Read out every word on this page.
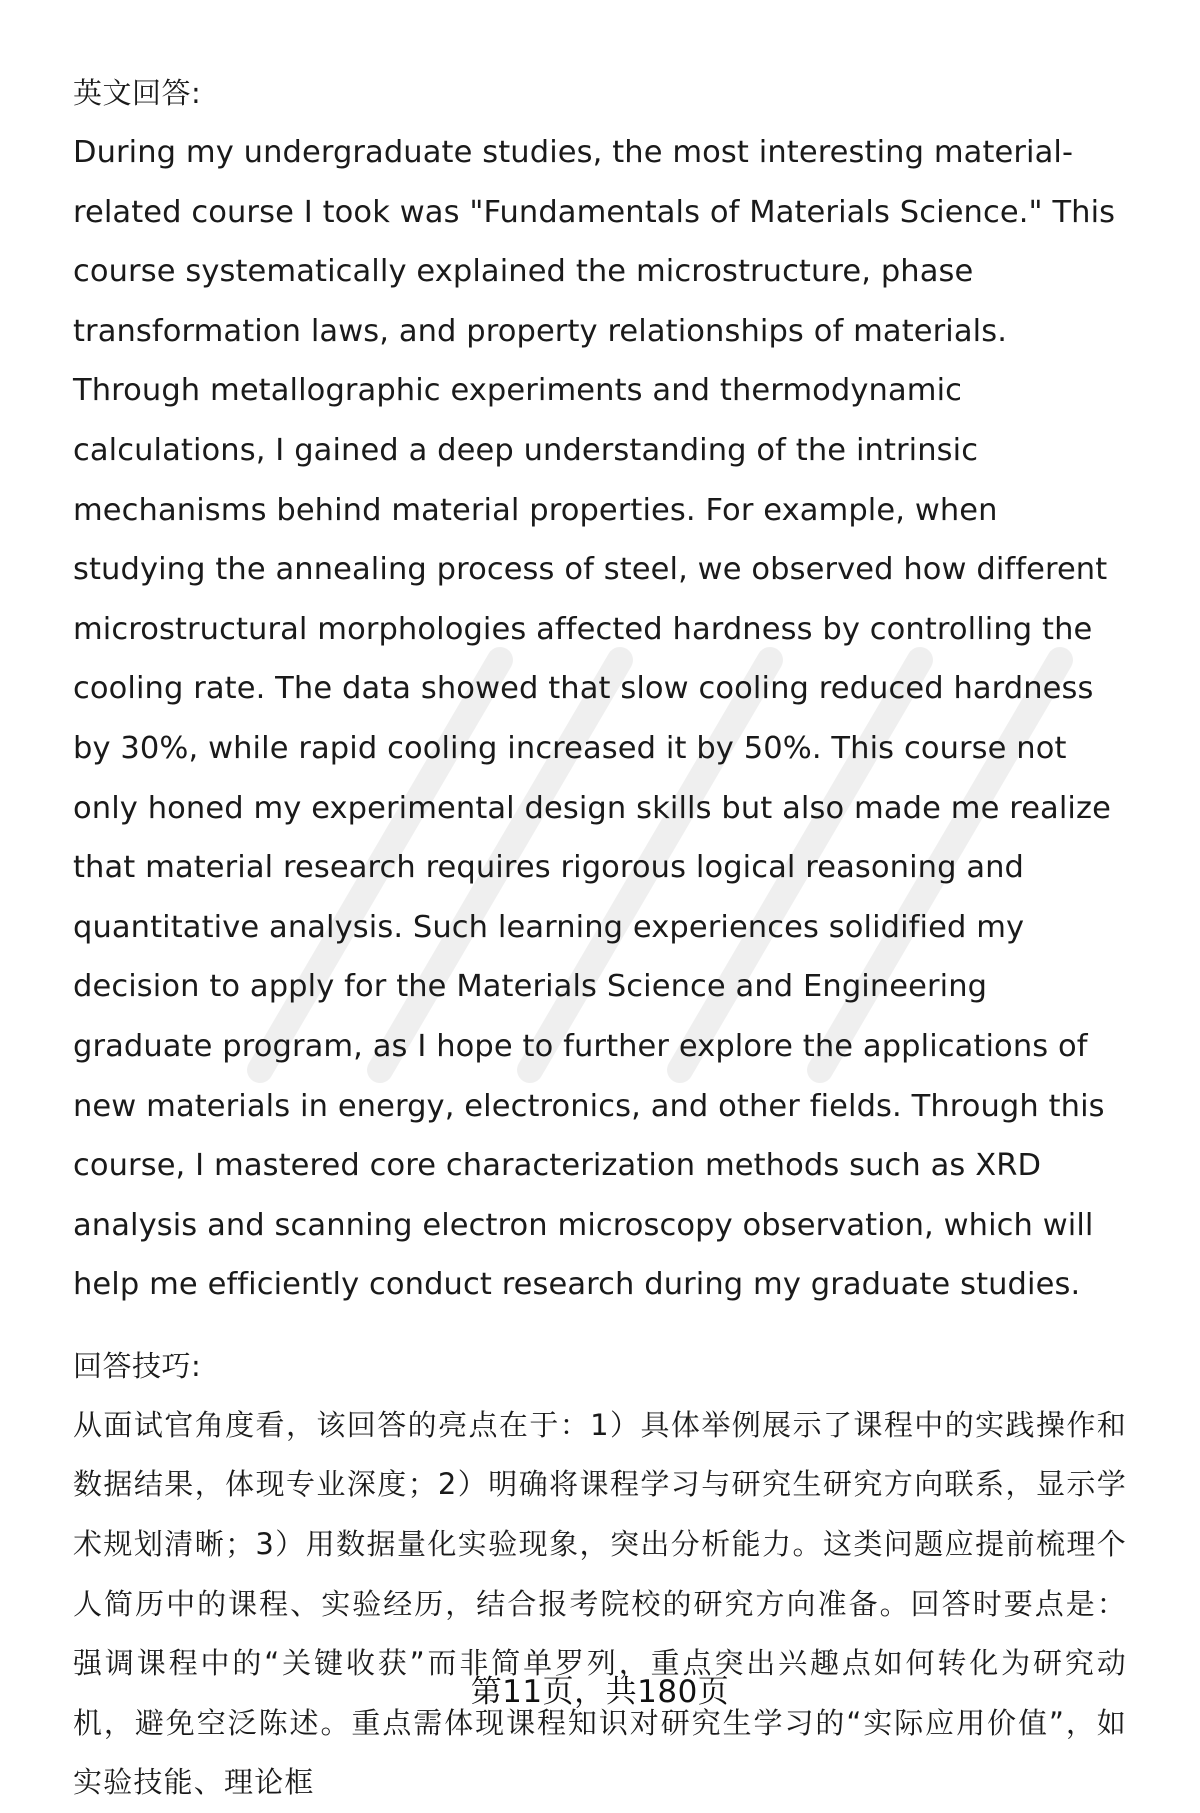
英文回答:

During my undergraduate studies, the most interesting material-related course I took was "Fundamentals of Materials Science." This course systematically explained the microstructure, phase transformation laws, and property relationships of materials. Through metallographic experiments and thermodynamic calculations, I gained a deep understanding of the intrinsic mechanisms behind material properties. For example, when studying the annealing process of steel, we observed how different microstructural morphologies affected hardness by controlling the cooling rate. The data showed that slow cooling reduced hardness by 30%, while rapid cooling increased it by 50%. This course not only honed my experimental design skills but also made me realize that material research requires rigorous logical reasoning and quantitative analysis. Such learning experiences solidified my decision to apply for the Materials Science and Engineering graduate program, as I hope to further explore the applications of new materials in energy, electronics, and other fields. Through this course, I mastered core characterization methods such as XRD analysis and scanning electron microscopy observation, which will help me efficiently conduct research during my graduate studies.

回答技巧:

从面试官角度看，该回答的亮点在于：1）具体举例展示了课程中的实践操作和数据结果，体现专业深度；2）明确将课程学习与研究生研究方向联系，显示学术规划清晰；3）用数据量化实验现象，突出分析能力。这类问题应提前梳理个人简历中的课程、实验经历，结合报考院校的研究方向准备。回答时要点是：强调课程中的“关键收获”而非简单罗列，重点突出兴趣点如何转化为研究动机，避免空泛陈述。重点需体现课程知识对研究生学习的“实际应用价值”，如实验技能、理论框

第11页，共180页
